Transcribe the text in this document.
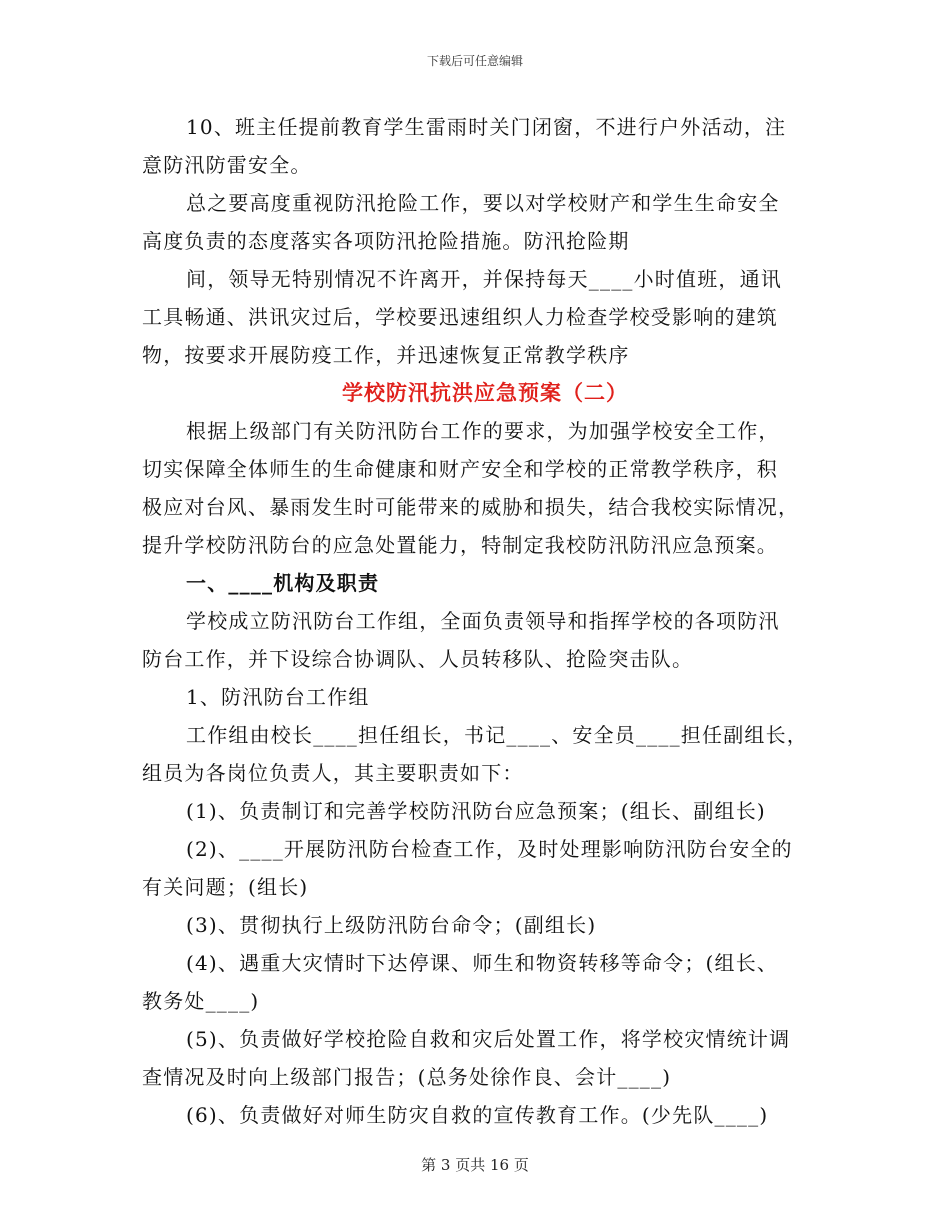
下载后可任意编辑
10、班主任提前教育学生雷雨时关门闭窗，不进行户外活动，注
意防汛防雷安全。
总之要高度重视防汛抢险工作，要以对学校财产和学生生命安全
高度负责的态度落实各项防汛抢险措施。防汛抢险期
间，领导无特别情况不许离开，并保持每天____小时值班，通讯
工具畅通、洪讯灾过后，学校要迅速组织人力检查学校受影响的建筑
物，按要求开展防疫工作，并迅速恢复正常教学秩序
学校防汛抗洪应急预案（二）
根据上级部门有关防汛防台工作的要求，为加强学校安全工作，
切实保障全体师生的生命健康和财产安全和学校的正常教学秩序，积
极应对台风、暴雨发生时可能带来的威胁和损失，结合我校实际情况，
提升学校防汛防台的应急处置能力，特制定我校防汛防汛应急预案。
一、____机构及职责
学校成立防汛防台工作组，全面负责领导和指挥学校的各项防汛
防台工作，并下设综合协调队、人员转移队、抢险突击队。
1、防汛防台工作组
工作组由校长____担任组长，书记____、安全员____担任副组长，
组员为各岗位负责人，其主要职责如下：
(1)、负责制订和完善学校防汛防台应急预案；(组长、副组长)
(2)、____开展防汛防台检查工作，及时处理影响防汛防台安全的
有关问题；(组长)
(3)、贯彻执行上级防汛防台命令；(副组长)
(4)、遇重大灾情时下达停课、师生和物资转移等命令；(组长、
教务处____)
(5)、负责做好学校抢险自救和灾后处置工作，将学校灾情统计调
查情况及时向上级部门报告；(总务处徐作良、会计____)
(6)、负责做好对师生防灾自救的宣传教育工作。(少先队____)
第 3 页共 16 页
